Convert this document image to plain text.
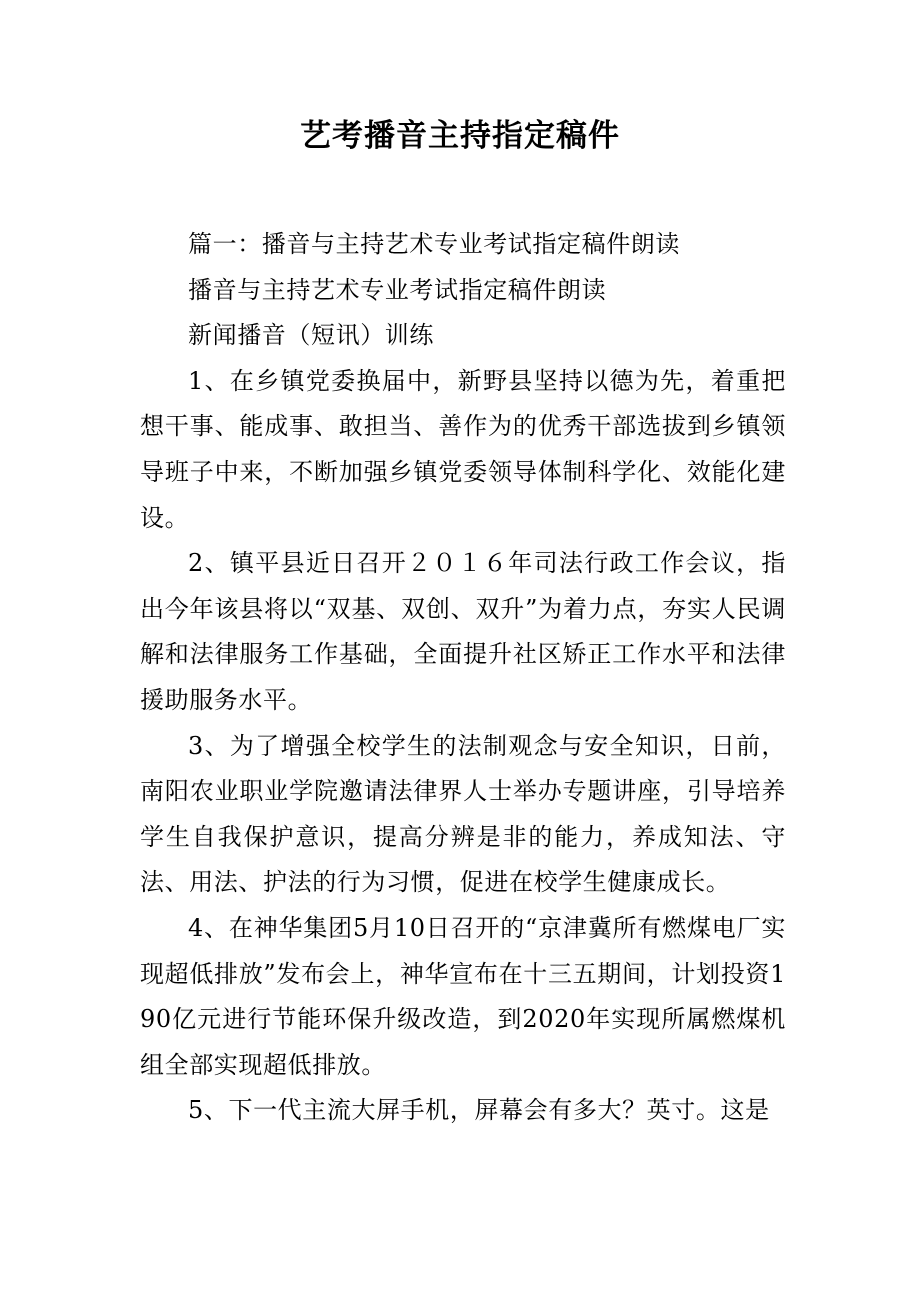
艺考播音主持指定稿件

篇一：播音与主持艺术专业考试指定稿件朗读

播音与主持艺术专业考试指定稿件朗读

新闻播音（短讯）训练

1、在乡镇党委换届中，新野县坚持以德为先，着重把想干事、能成事、敢担当、善作为的优秀干部选拔到乡镇领导班子中来，不断加强乡镇党委领导体制科学化、效能化建设。

2、镇平县近日召开２０１６年司法行政工作会议，指出今年该县将以“双基、双创、双升”为着力点，夯实人民调解和法律服务工作基础，全面提升社区矫正工作水平和法律援助服务水平。

3、为了增强全校学生的法制观念与安全知识，日前，南阳农业职业学院邀请法律界人士举办专题讲座，引导培养学生自我保护意识，提高分辨是非的能力，养成知法、守法、用法、护法的行为习惯，促进在校学生健康成长。

4、在神华集团5月10日召开的“京津冀所有燃煤电厂实现超低排放”发布会上，神华宣布在十三五期间，计划投资190亿元进行节能环保升级改造，到2020年实现所属燃煤机组全部实现超低排放。

5、下一代主流大屏手机，屏幕会有多大？英寸。这是
